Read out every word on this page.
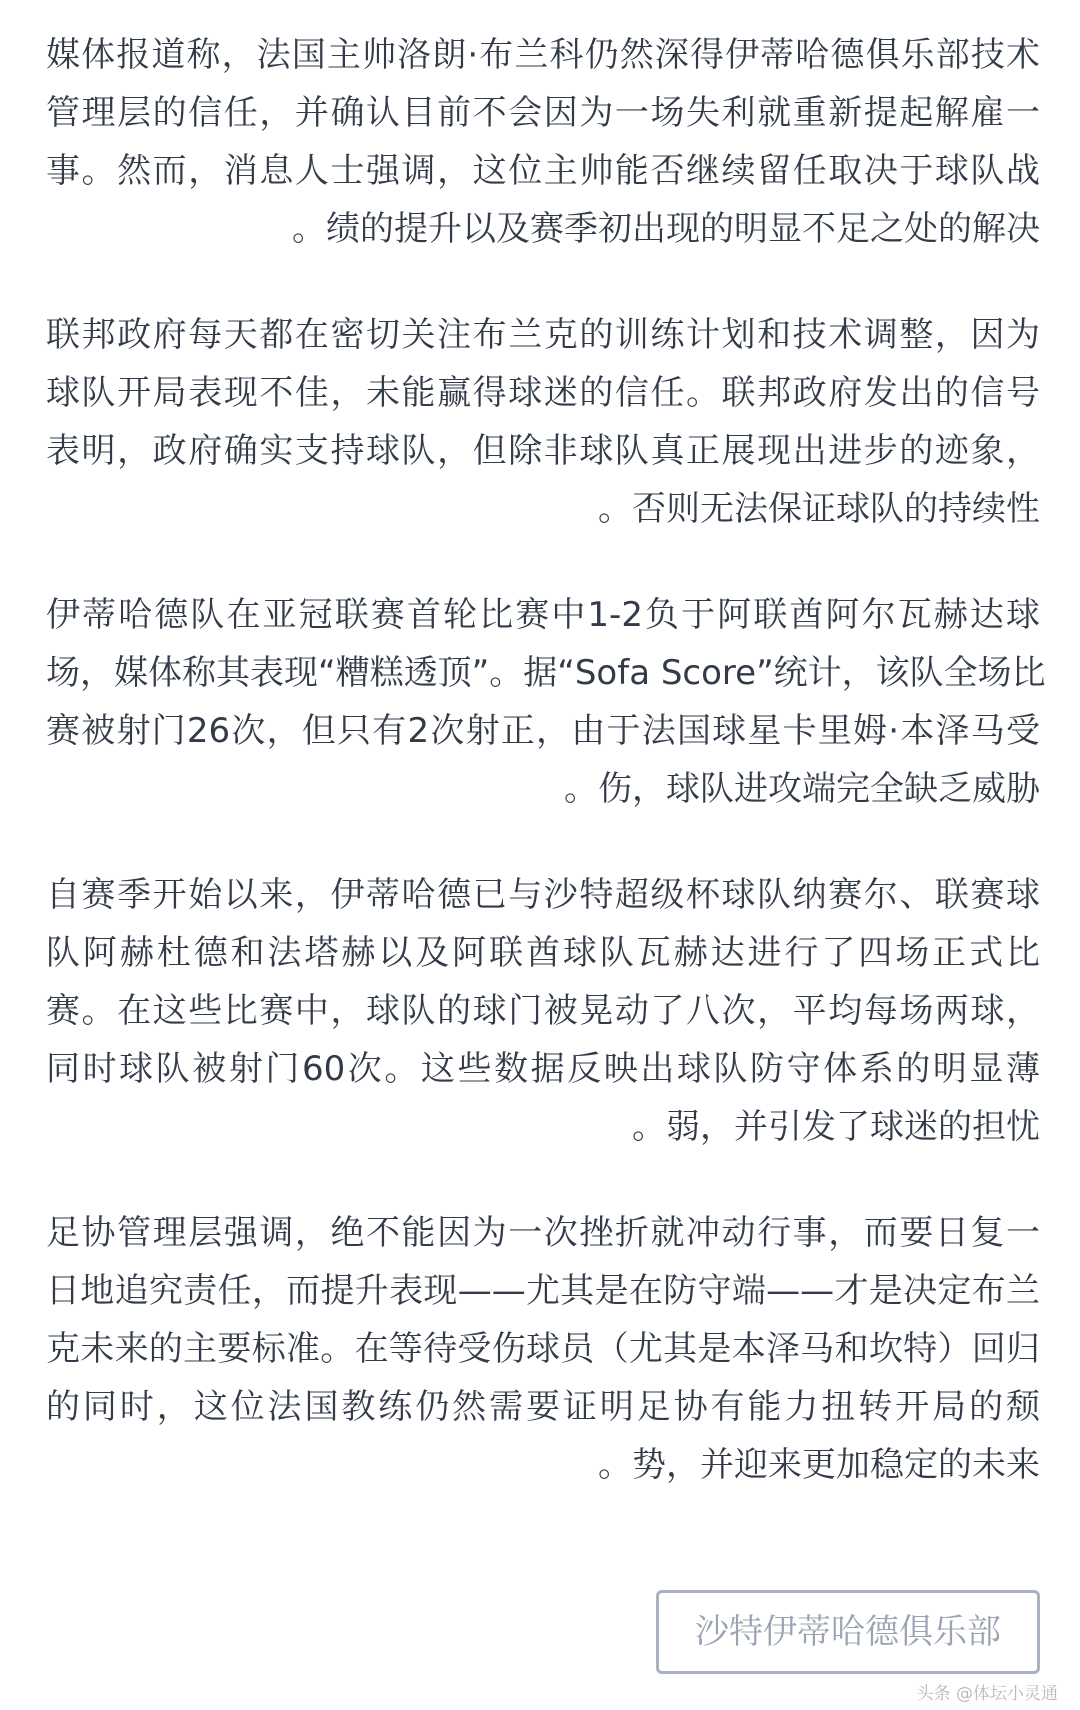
媒体报道称，法国主帅洛朗·布兰科仍然深得伊蒂哈德俱乐部技术
管理层的信任，并确认目前不会因为一场失利就重新提起解雇一
事。然而，消息人士强调，这位主帅能否继续留任取决于球队战
。绩的提升以及赛季初出现的明显不足之处的解决
联邦政府每天都在密切关注布兰克的训练计划和技术调整，因为
球队开局表现不佳，未能赢得球迷的信任。联邦政府发出的信号
表明，政府确实支持球队，但除非球队真正展现出进步的迹象，
。否则无法保证球队的持续性
伊蒂哈德队在亚冠联赛首轮比赛中1-2负于阿联酋阿尔瓦赫达球
场，媒体称其表现“糟糕透顶”。据“Sofa Score”统计，该队全场比
赛被射门26次，但只有2次射正，由于法国球星卡里姆·本泽马受
。伤，球队进攻端完全缺乏威胁
自赛季开始以来，伊蒂哈德已与沙特超级杯球队纳赛尔、联赛球
队阿赫杜德和法塔赫以及阿联酋球队瓦赫达进行了四场正式比
赛。在这些比赛中，球队的球门被晃动了八次，平均每场两球，
同时球队被射门60次。这些数据反映出球队防守体系的明显薄
。弱，并引发了球迷的担忧
足协管理层强调，绝不能因为一次挫折就冲动行事，而要日复一
日地追究责任，而提升表现——尤其是在防守端——才是决定布兰
克未来的主要标准。在等待受伤球员（尤其是本泽马和坎特）回归
的同时，这位法国教练仍然需要证明足协有能力扭转开局的颓
。势，并迎来更加稳定的未来
沙特伊蒂哈德俱乐部
头条 @体坛小灵通
